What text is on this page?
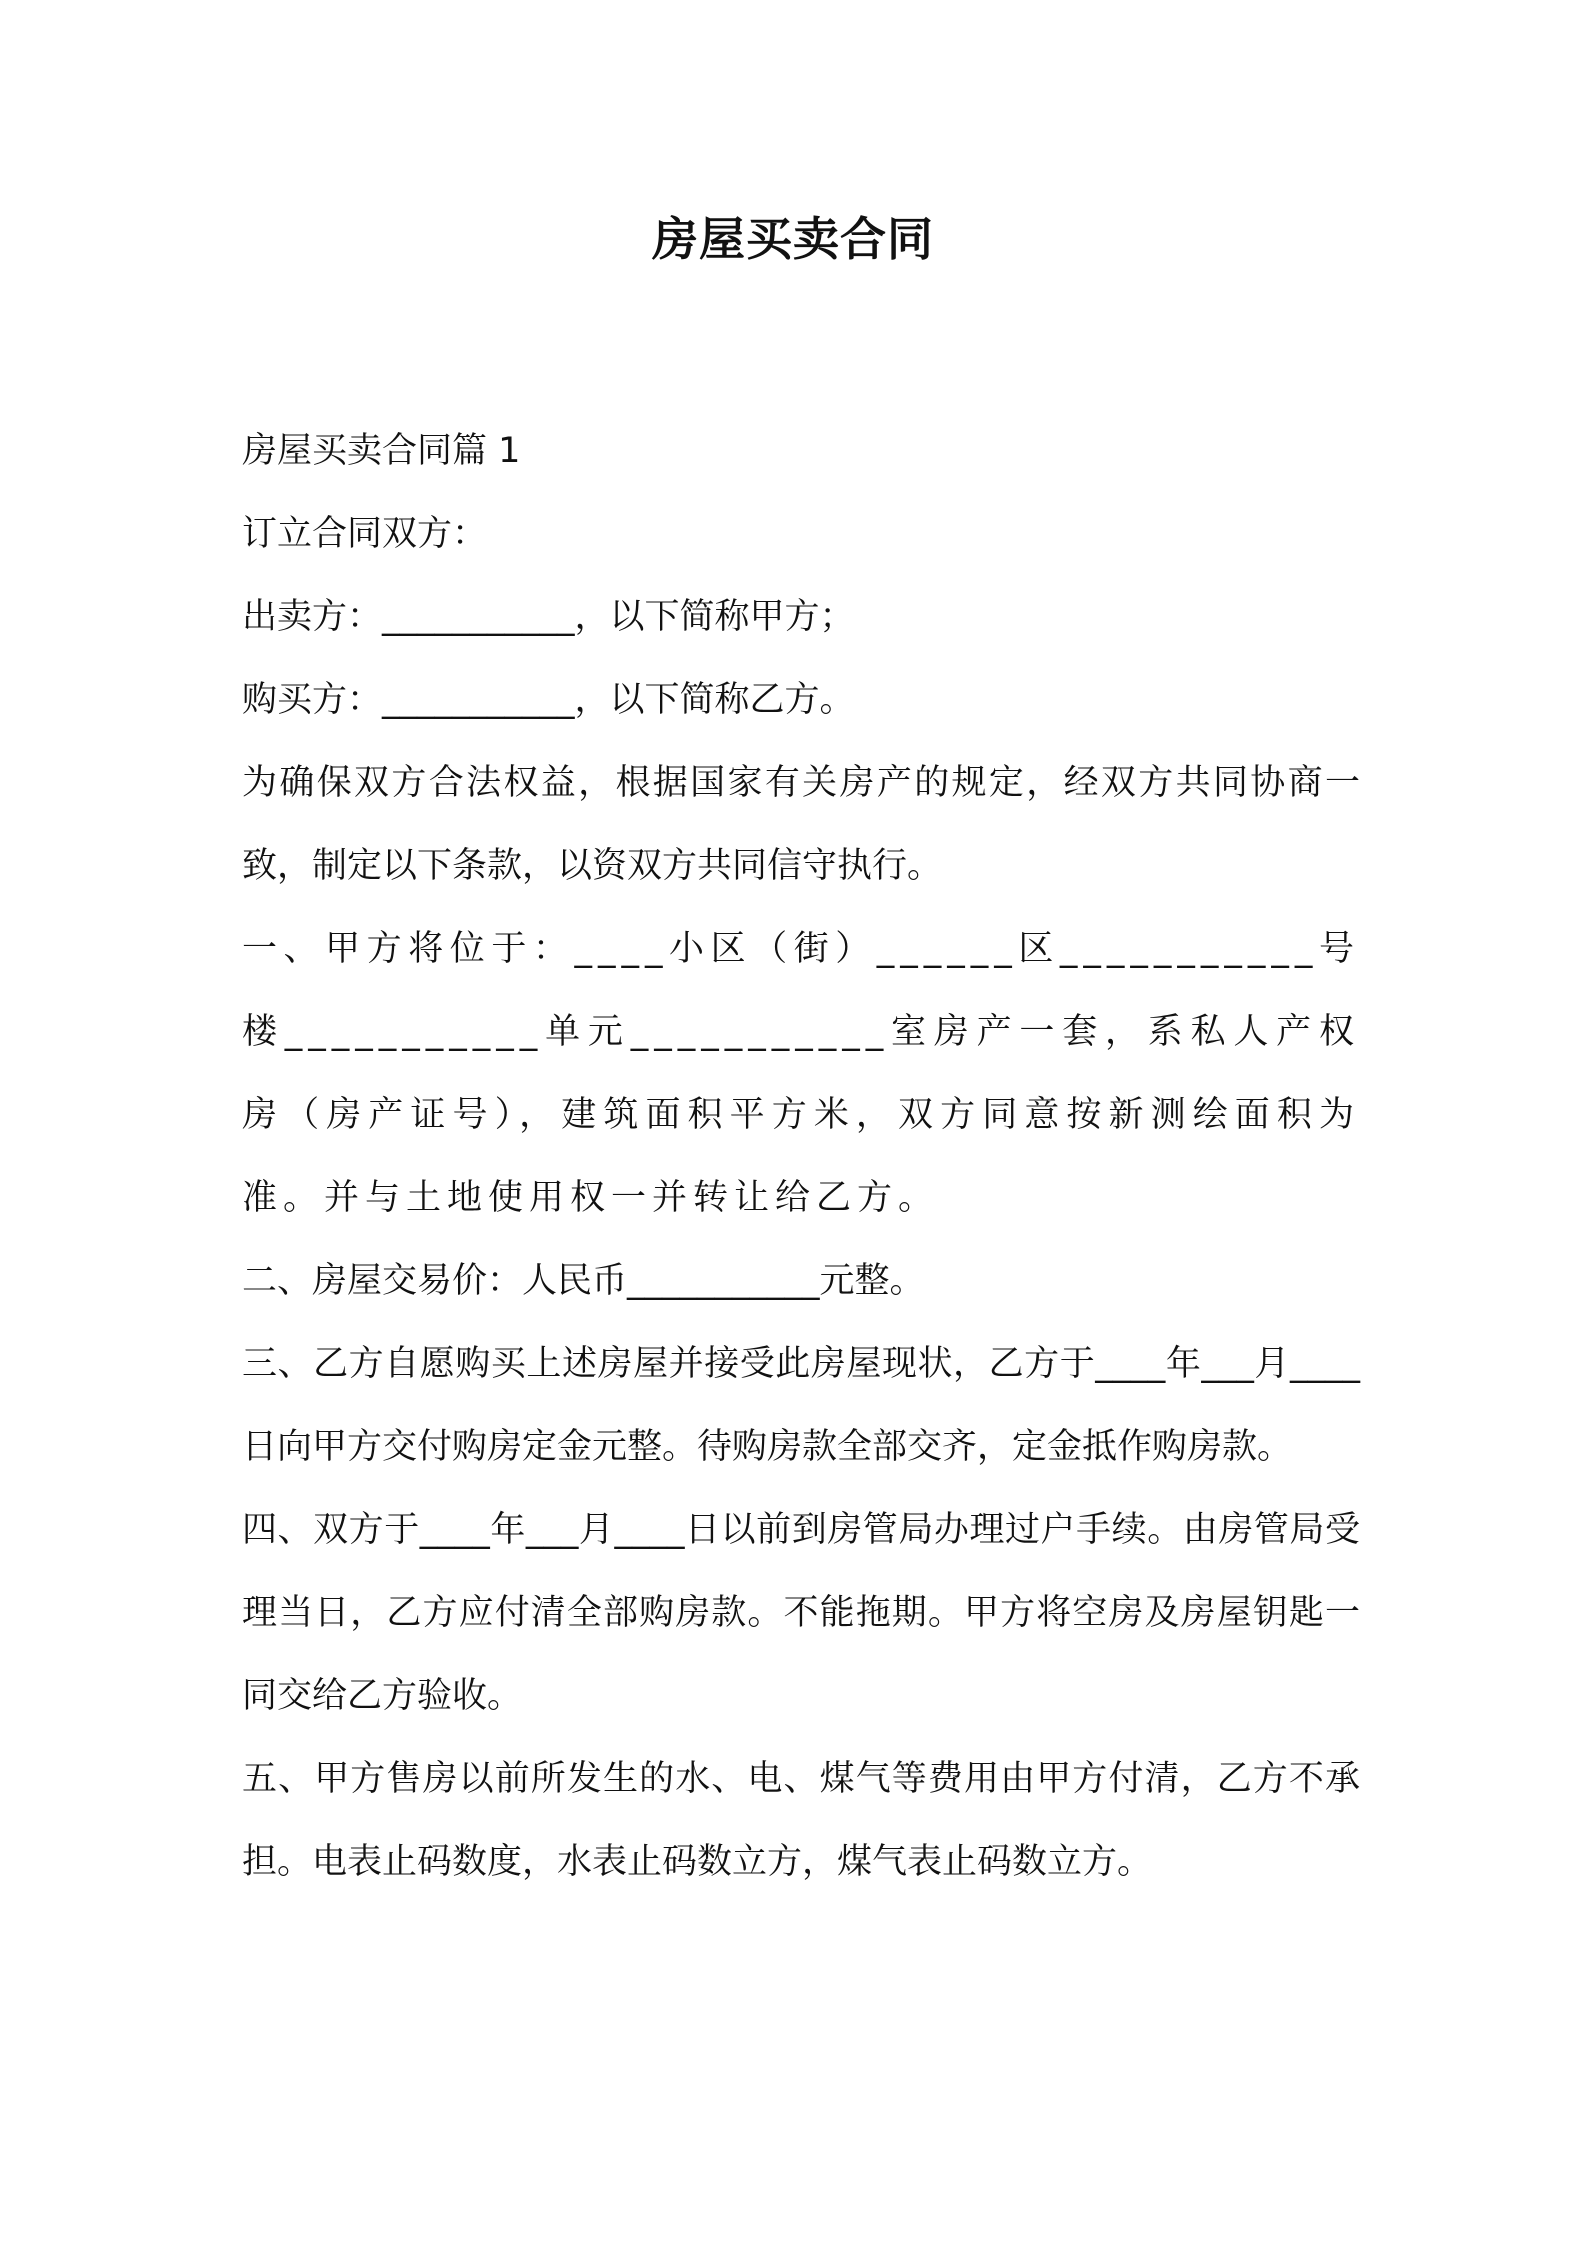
房屋买卖合同

房屋买卖合同篇 1

订立合同双方：

出卖方：___________，以下简称甲方；

购买方：___________，以下简称乙方。

为确保双方合法权益，根据国家有关房产的规定，经双方共同协商一致，制定以下条款，以资双方共同信守执行。

一、甲方将位于：____小区（街）______区___________号楼___________单元___________室房产一套，系私人产权房（房产证号），建筑面积平方米，双方同意按新测绘面积为准。并与土地使用权一并转让给乙方。

二、房屋交易价：人民币___________元整。

三、乙方自愿购买上述房屋并接受此房屋现状，乙方于____年___月____日向甲方交付购房定金元整。待购房款全部交齐，定金抵作购房款。

四、双方于____年___月____日以前到房管局办理过户手续。由房管局受理当日，乙方应付清全部购房款。不能拖期。甲方将空房及房屋钥匙一同交给乙方验收。

五、甲方售房以前所发生的水、电、煤气等费用由甲方付清，乙方不承担。电表止码数度，水表止码数立方，煤气表止码数立方。
